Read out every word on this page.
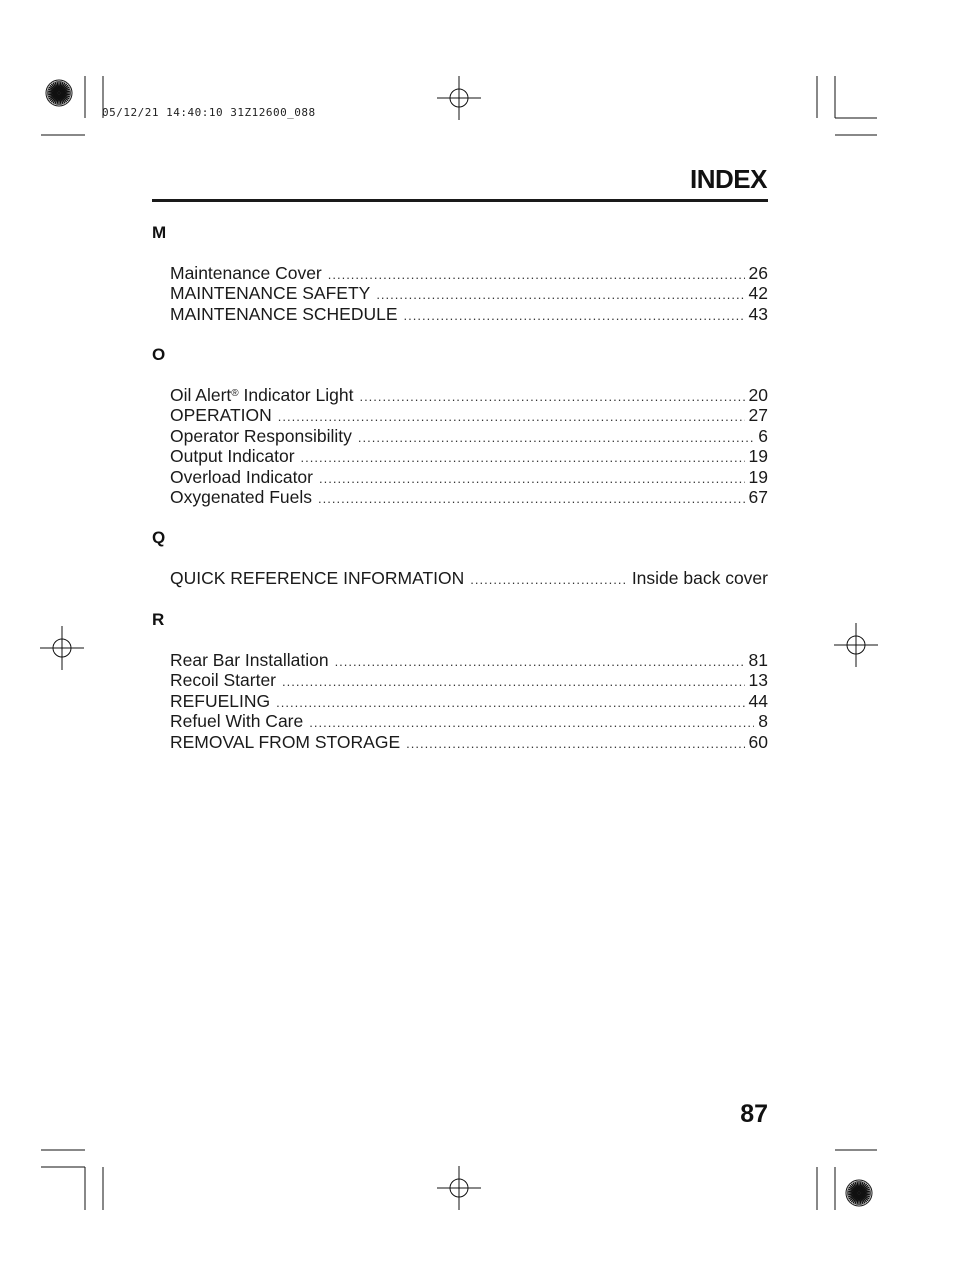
05/12/21 14:40:10 31Z12600_088
INDEX
M
Maintenance Cover .....	26
MAINTENANCE SAFETY .....	42
MAINTENANCE SCHEDULE .....	43
O
Oil Alert® Indicator Light .....	20
OPERATION .....	27
Operator Responsibility .....	6
Output Indicator .....	19
Overload Indicator .....	19
Oxygenated Fuels .....	67
Q
QUICK REFERENCE INFORMATION .....	Inside back cover
R
Rear Bar Installation .....	81
Recoil Starter .....	13
REFUELING .....	44
Refuel With Care .....	8
REMOVAL FROM STORAGE .....	60
87
